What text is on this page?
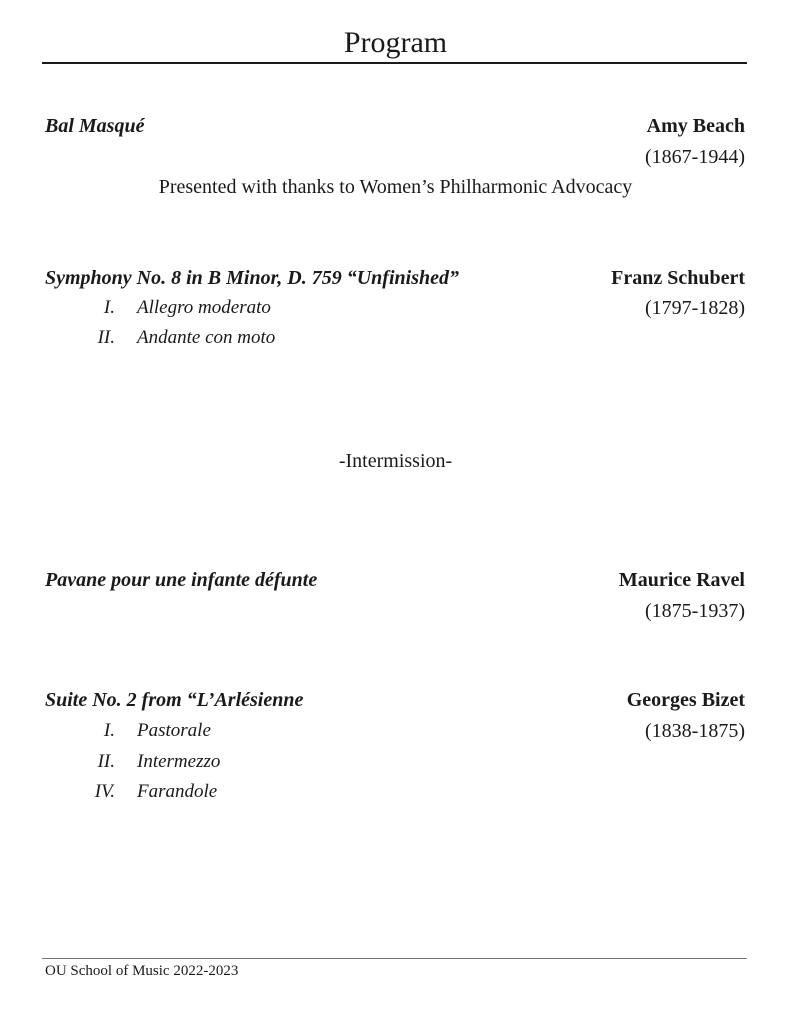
Program
Bal Masqué	Amy Beach
(1867-1944)
Presented with thanks to Women’s Philharmonic Advocacy
Symphony No. 8 in B Minor, D. 759 “Unfinished”	Franz Schubert
(1797-1828)
I. Allegro moderato
II. Andante con moto
-Intermission-
Pavane pour une infante défunte	Maurice Ravel
(1875-1937)
Suite No. 2 from “L’Arlésienne	Georges Bizet
(1838-1875)
I. Pastorale
II. Intermezzo
IV. Farandole
OU School of Music 2022-2023
